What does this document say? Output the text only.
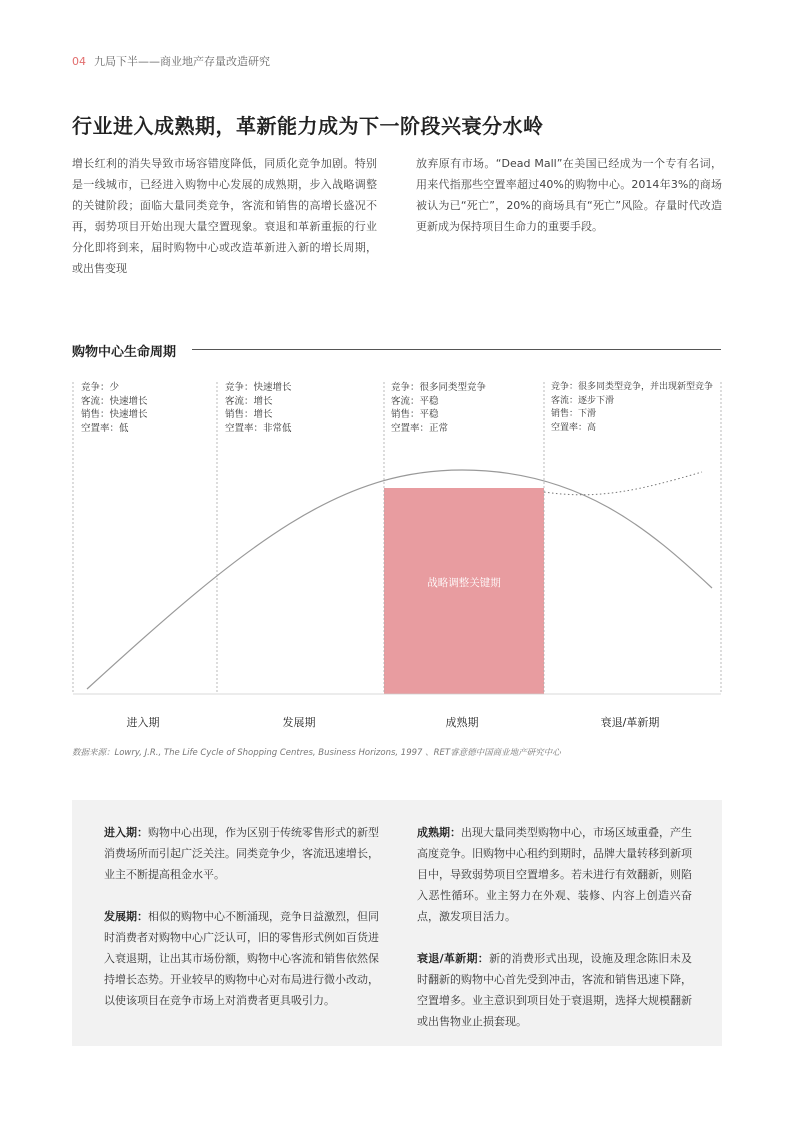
04 九局下半——商业地产存量改造研究
行业进入成熟期，革新能力成为下一阶段兴衰分水岭
增长红利的消失导致市场容错度降低，同质化竞争加剧。特别是一线城市，已经进入购物中心发展的成熟期，步入战略调整的关键阶段；面临大量同类竞争，客流和销售的高增长盛况不再，弱势项目开始出现大量空置现象。衰退和革新重振的行业分化即将到来，届时购物中心或改造革新进入新的增长周期，或出售变现
放弃原有市场。“Dead Mall”在美国已经成为一个专有名词，用来代指那些空置率超过40%的购物中心。2014年3%的商场被认为已“死亡”，20%的商场具有“死亡”风险。存量时代改造更新成为保持项目生命力的重要手段。
购物中心生命周期
竞争：少
客流：快速增长
销售：快速增长
空置率：低
竞争：快速增长
客流：增长
销售：增长
空置率：非常低
竞争：很多同类型竞争
客流：平稳
销售：平稳
空置率：正常
竞争：很多同类型竞争，并出现新型竞争
客流：逐步下滑
销售：下滑
空置率：高
战略调整关键期
进入期	发展期	成熟期	衰退/革新期
数据来源：Lowry, J.R., The Life Cycle of Shopping Centres, Business Horizons, 1997 、RET睿意德中国商业地产研究中心

进入期：购物中心出现，作为区别于传统零售形式的新型消费场所而引起广泛关注。同类竞争少，客流迅速增长，业主不断提高租金水平。

发展期：相似的购物中心不断涌现，竞争日益激烈，但同时消费者对购物中心广泛认可，旧的零售形式例如百货进入衰退期，让出其市场份额，购物中心客流和销售依然保持增长态势。开业较早的购物中心对布局进行微小改动，以使该项目在竞争市场上对消费者更具吸引力。

成熟期：出现大量同类型购物中心，市场区域重叠，产生高度竞争。旧购物中心租约到期时，品牌大量转移到新项目中，导致弱势项目空置增多。若未进行有效翻新，则陷入恶性循环。业主努力在外观、装修、内容上创造兴奋点，激发项目活力。

衰退/革新期：新的消费形式出现，设施及理念陈旧未及时翻新的购物中心首先受到冲击，客流和销售迅速下降，空置增多。业主意识到项目处于衰退期，选择大规模翻新或出售物业止损套现。
